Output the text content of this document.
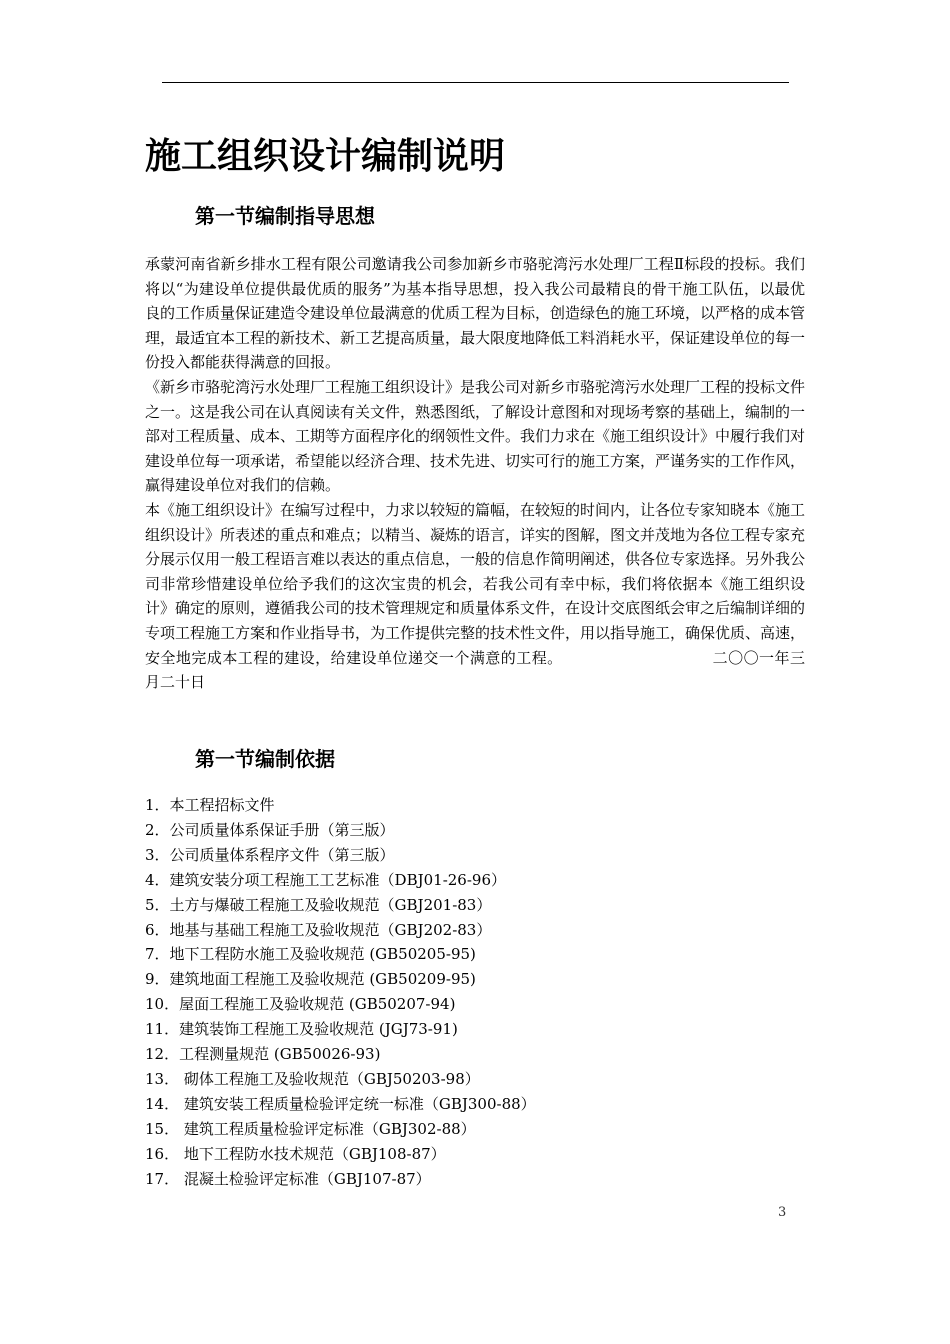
施工组织设计编制说明
第一节编制指导思想

承蒙河南省新乡排水工程有限公司邀请我公司参加新乡市骆驼湾污水处理厂工程Ⅱ标段的投标。我们将以“为建设单位提供最优质的服务”为基本指导思想，投入我公司最精良的骨干施工队伍，以最优良的工作质量保证建造令建设单位最满意的优质工程为目标，创造绿色的施工环境，以严格的成本管理，最适宜本工程的新技术、新工艺提高质量，最大限度地降低工料消耗水平，保证建设单位的每一份投入都能获得满意的回报。

《新乡市骆驼湾污水处理厂工程施工组织设计》是我公司对新乡市骆驼湾污水处理厂工程的投标文件之一。这是我公司在认真阅读有关文件，熟悉图纸，了解设计意图和对现场考察的基础上，编制的一部对工程质量、成本、工期等方面程序化的纲领性文件。我们力求在《施工组织设计》中履行我们对建设单位每一项承诺，希望能以经济合理、技术先进、切实可行的施工方案，严谨务实的工作作风，赢得建设单位对我们的信赖。

本《施工组织设计》在编写过程中，力求以较短的篇幅，在较短的时间内，让各位专家知晓本《施工组织设计》所表述的重点和难点；以精当、凝炼的语言，详实的图解，图文并茂地为各位工程专家充分展示仅用一般工程语言难以表达的重点信息，一般的信息作简明阐述，供各位专家选择。另外我公司非常珍惜建设单位给予我们的这次宝贵的机会，若我公司有幸中标，我们将依据本《施工组织设计》确定的原则，遵循我公司的技术管理规定和质量体系文件，在设计交底图纸会审之后编制详细的专项工程施工方案和作业指导书，为工作提供完整的技术性文件，用以指导施工，确保优质、高速，安全地完成本工程的建设，给建设单位递交一个满意的工程。	二〇〇一年三月二十日

第一节编制依据
1．本工程招标文件
2．公司质量体系保证手册（第三版）
3．公司质量体系程序文件（第三版）
4．建筑安装分项工程施工工艺标准（DBJ01-26-96）
5．土方与爆破工程施工及验收规范（GBJ201-83）
6．地基与基础工程施工及验收规范（GBJ202-83）
7．地下工程防水施工及验收规范 (GB50205-95)
9．建筑地面工程施工及验收规范 (GB50209-95)
10．屋面工程施工及验收规范 (GB50207-94)
11．建筑装饰工程施工及验收规范 (JGJ73-91)
12．工程测量规范 (GB50026-93)
13． 砌体工程施工及验收规范（GBJ50203-98）
14． 建筑安装工程质量检验评定统一标准（GBJ300-88）
15． 建筑工程质量检验评定标准（GBJ302-88）
16． 地下工程防水技术规范（GBJ108-87）
17． 混凝土检验评定标准（GBJ107-87）
3
